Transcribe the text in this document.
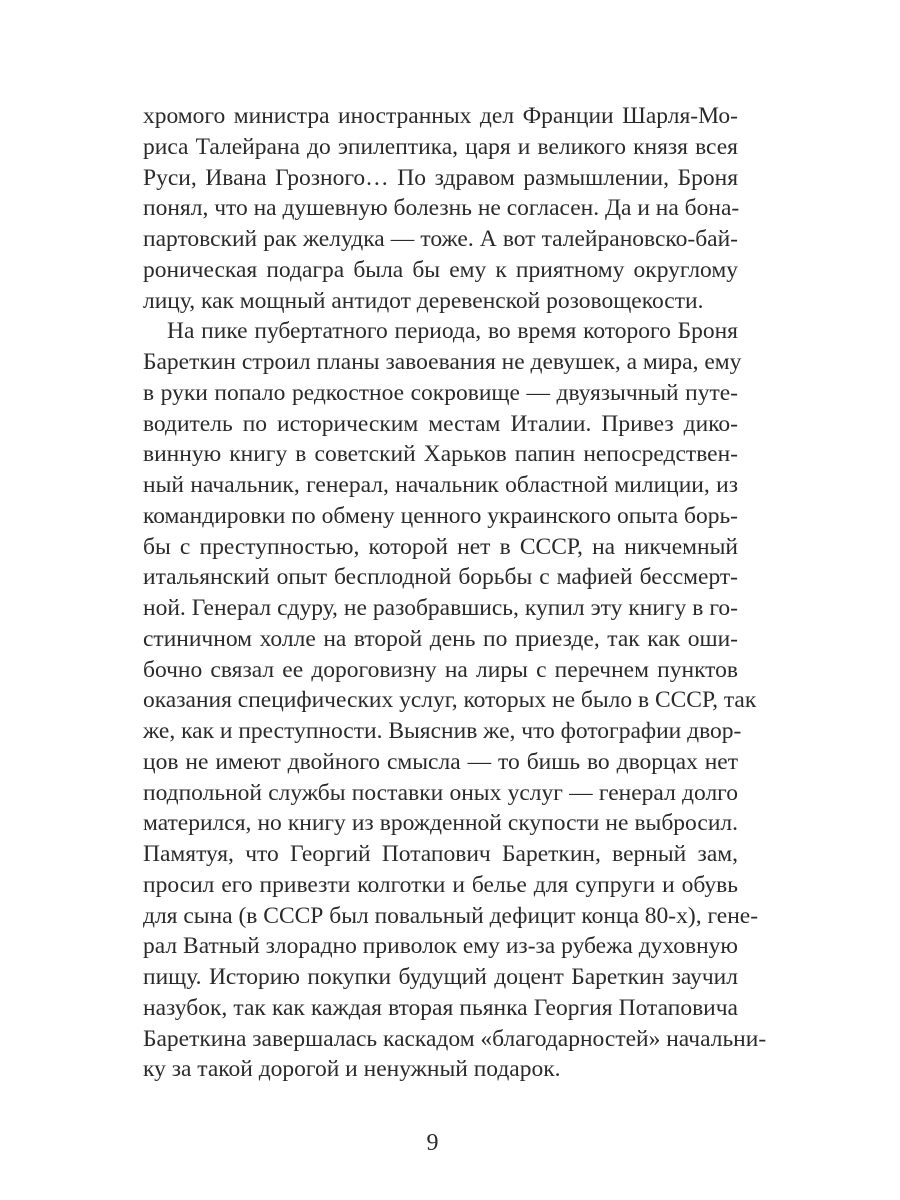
хромого министра иностранных дел Франции Шарля-Мо-
риса Талейрана до эпилептика, царя и великого князя всея
Руси, Ивана Грозного… По здравом размышлении, Броня
понял, что на душевную болезнь не согласен. Да и на бона-
партовский рак желудка — тоже. А вот талейрановско-бай-
роническая подагра была бы ему к приятному округлому
лицу, как мощный антидот деревенской розовощекости.
На пике пубертатного периода, во время которого Броня
Бареткин строил планы завоевания не девушек, а мира, ему
в руки попало редкостное сокровище — двуязычный путе-
водитель по историческим местам Италии. Привез дико-
винную книгу в советский Харьков папин непосредствен-
ный начальник, генерал, начальник областной милиции, из
командировки по обмену ценного украинского опыта борь-
бы с преступностью, которой нет в СССР, на никчемный
итальянский опыт бесплодной борьбы с мафией бессмерт-
ной. Генерал сдуру, не разобравшись, купил эту книгу в го-
стиничном холле на второй день по приезде, так как оши-
бочно связал ее дороговизну на лиры с перечнем пунктов
оказания специфических услуг, которых не было в СССР, так
же, как и преступности. Выяснив же, что фотографии двор-
цов не имеют двойного смысла — то бишь во дворцах нет
подпольной службы поставки оных услуг — генерал долго
матерился, но книгу из врожденной скупости не выбросил.
Памятуя, что Георгий Потапович Бареткин, верный зам,
просил его привезти колготки и белье для супруги и обувь
для сына (в СССР был повальный дефицит конца 80-х), гене-
рал Ватный злорадно приволок ему из-за рубежа духовную
пищу. Историю покупки будущий доцент Бареткин заучил
назубок, так как каждая вторая пьянка Георгия Потаповича
Бареткина завершалась каскадом «благодарностей» начальни-
ку за такой дорогой и ненужный подарок.
9
